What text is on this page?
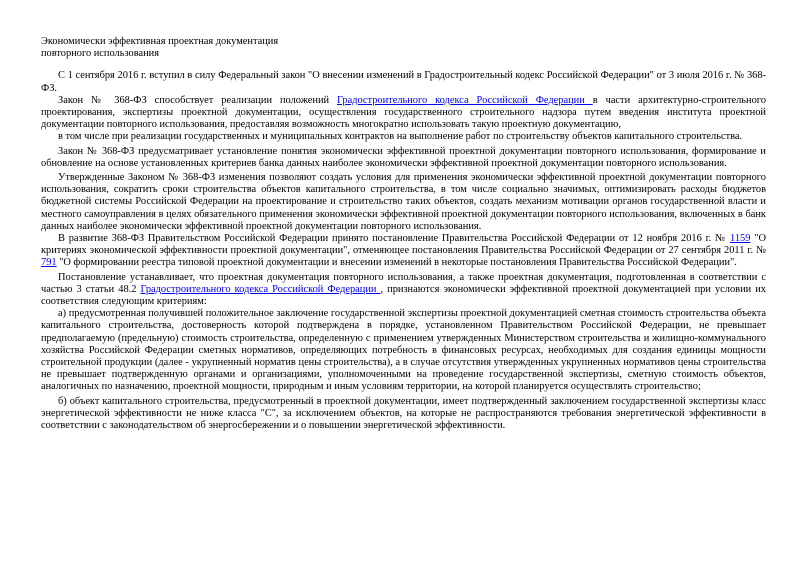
Экономически эффективная проектная документация
повторного использования

С 1 сентября 2016 г. вступил в силу Федеральный закон "О внесении изменений в Градостроительный кодекс Российской Федерации" от 3 июля 2016 г. № 368-ФЗ.

Закон № 368-ФЗ способствует реализации положений Градостроительного кодекса Российской Федерации в части архитектурно-строительного проектирования, экспертизы проектной документации, осуществления государственного строительного надзора путем введения института проектной документации повторного использования, предоставляя возможность многократно использовать такую проектную документацию,

в том числе при реализации государственных и муниципальных контрактов на выполнение работ по строительству объектов капитального строительства.

Закон № 368-ФЗ предусматривает установление понятия экономически эффективной проектной документации повторного использования, формирование и обновление на основе установленных критериев банка данных наиболее экономически эффективной проектной документации повторного использования.

Утвержденные Законом № 368-ФЗ изменения позволяют создать условия для применения экономически эффективной проектной документации повторного использования, сократить сроки строительства объектов капитального строительства, в том числе социально значимых, оптимизировать расходы бюджетов бюджетной системы Российской Федерации на проектирование и строительство таких объектов, создать механизм мотивации органов государственной власти и местного самоуправления в целях обязательного применения экономически эффективной проектной документации повторного использования, включенных в банк данных наиболее экономически эффективной проектной документации повторного использования.

В развитие 368-ФЗ Правительством Российской Федерации принято постановление Правительства Российской Федерации от 12 ноября 2016 г. № 1159 "О критериях экономической эффективности проектной документации", отменяющее постановления Правительства Российской Федерации от 27 сентября 2011 г. № 791 "О формировании реестра типовой проектной документации и внесении изменений в некоторые постановления Правительства Российской Федерации".

Постановление устанавливает, что проектная документация повторного использования, а также проектная документация, подготовленная в соответствии с частью 3 статьи 48.2 Градостроительного кодекса Российской Федерации , признаются экономически эффективной проектной документацией при условии их соответствия следующим критериям:

а) предусмотренная получившей положительное заключение государственной экспертизы проектной документацией сметная стоимость строительства объекта капитального строительства, достоверность которой подтверждена в порядке, установленном Правительством Российской Федерации, не превышает предполагаемую (предельную) стоимость строительства, определенную с применением утвержденных Министерством строительства и жилищно-коммунального хозяйства Российской Федерации сметных нормативов, определяющих потребность в финансовых ресурсах, необходимых для создания единицы мощности строительной продукции (далее - укрупненный норматив цены строительства), а в случае отсутствия утвержденных укрупненных нормативов цены строительства не превышает подтвержденную органами и организациями, уполномоченными на проведение государственной экспертизы, сметную стоимость объектов, аналогичных по назначению, проектной мощности, природным и иным условиям территории, на которой планируется осуществлять строительство;

б) объект капитального строительства, предусмотренный в проектной документации, имеет подтвержденный заключением государственной экспертизы класс энергетической эффективности не ниже класса "С", за исключением объектов, на которые не распространяются требования энергетической эффективности в соответствии с законодательством об энергосбережении и о повышении энергетической эффективности.
